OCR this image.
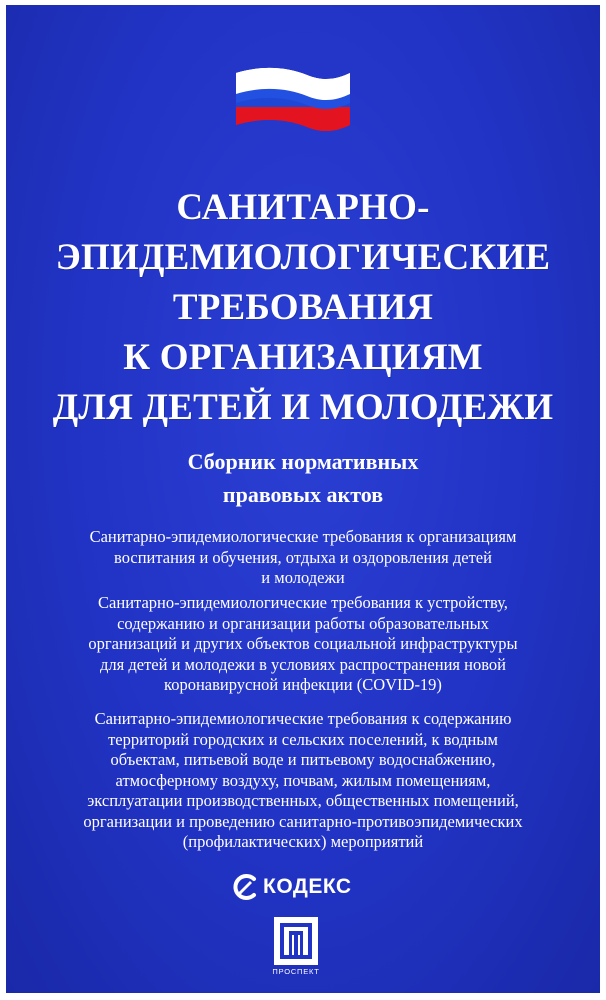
САНИТАРНО-
ЭПИДЕМИОЛОГИЧЕСКИЕ
ТРЕБОВАНИЯ
К ОРГАНИЗАЦИЯМ
ДЛЯ ДЕТЕЙ И МОЛОДЕЖИ
Сборник нормативных
правовых актов
Санитарно-эпидемиологические требования к организациям
воспитания и обучения, отдыха и оздоровления детей
и молодежи
Санитарно-эпидемиологические требования к устройству,
содержанию и организации работы образовательных
организаций и других объектов социальной инфраструктуры
для детей и молодежи в условиях распространения новой
коронавирусной инфекции (COVID-19)
Санитарно-эпидемиологические требования к содержанию
территорий городских и сельских поселений, к водным
объектам, питьевой воде и питьевому водоснабжению,
атмосферному воздуху, почвам, жилым помещениям,
эксплуатации производственных, общественных помещений,
организации и проведению санитарно-противоэпидемических
(профилактических) мероприятий
КОДЕКС
ПРОСПЕКТ
